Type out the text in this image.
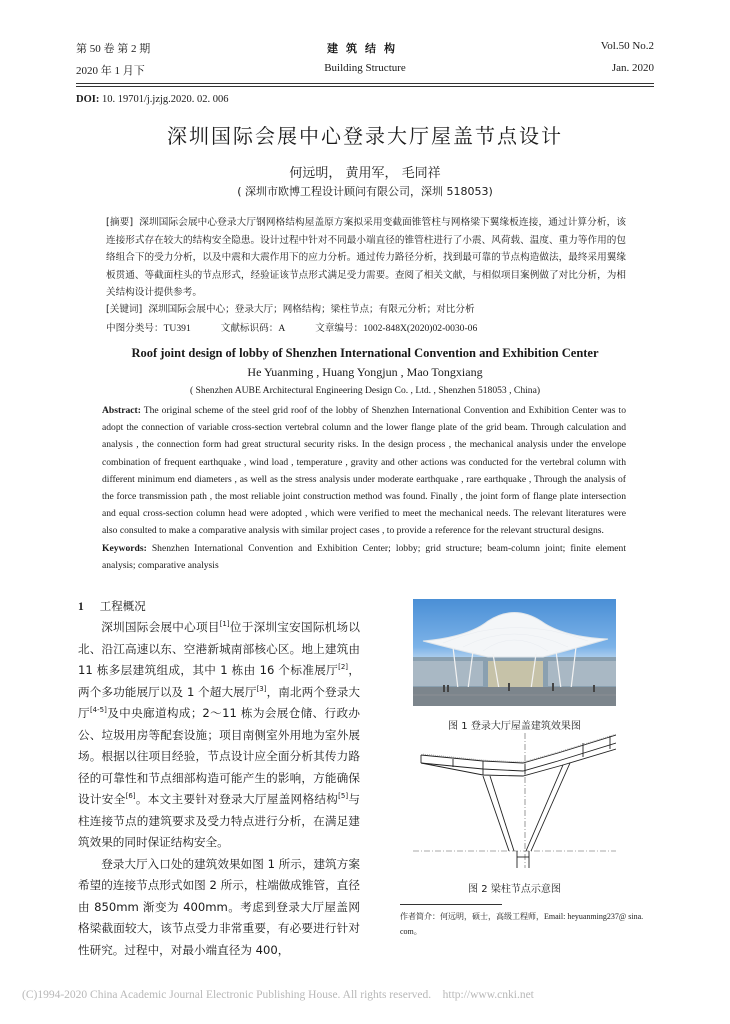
第 50 卷 第 2 期	建筑结构	Vol.50 No.2
2020 年 1 月下	Building Structure	Jan. 2020
DOI: 10. 19701/j.jzjg.2020. 02. 006
深圳国际会展中心登录大厅屋盖节点设计
何远明， 黄用军， 毛同祥
( 深圳市欧博工程设计顾问有限公司，深圳 518053)
[摘要] 深圳国际会展中心登录大厅钢网格结构屋盖原方案拟采用变截面锥管柱与网格梁下翼缘板连接，通过计算分析，该连接形式存在较大的结构安全隐患。设计过程中针对不同最小端直径的锥管柱进行了小震、风荷载、温度、重力等作用的包络组合下的受力分析，以及中震和大震作用下的应力分析。通过传力路径分析，找到最可靠的节点构造做法，最终采用翼缘板贯通、等截面柱头的节点形式，经验证该节点形式满足受力需要。查阅了相关文献，与相似项目案例做了对比分析，为相关结构设计提供参考。
[关键词] 深圳国际会展中心；登录大厅；网格结构；梁柱节点；有限元分析；对比分析
中图分类号：TU391	文献标识码：A	文章编号：1002-848X(2020)02-0030-06
Roof joint design of lobby of Shenzhen International Convention and Exhibition Center
He Yuanming , Huang Yongjun , Mao Tongxiang
( Shenzhen AUBE Architectural Engineering Design Co. , Ltd. , Shenzhen 518053 , China)
Abstract: The original scheme of the steel grid roof of the lobby of Shenzhen International Convention and Exhibition Center was to adopt the connection of variable cross-section vertebral column and the lower flange plate of the grid beam. Through calculation and analysis , the connection form had great structural security risks. In the design process , the mechanical analysis under the envelope combination of frequent earthquake , wind load , temperature , gravity and other actions was conducted for the vertebral column with different minimum end diameters , as well as the stress analysis under moderate earthquake , rare earthquake , Through the analysis of the force transmission path , the most reliable joint construction method was found. Finally , the joint form of flange plate intersection and equal cross-section column head were adopted , which were verified to meet the mechanical needs. The relevant literatures were also consulted to make a comparative analysis with similar project cases , to provide a reference for the relevant structural designs.
Keywords: Shenzhen International Convention and Exhibition Center; lobby; grid structure; beam-column joint; finite element analysis; comparative analysis
1 工程概况

深圳国际会展中心项目[1]位于深圳宝安国际机场以北、沿江高速以东、空港新城南部核心区。地上建筑由 11 栋多层建筑组成，其中 1 栋由 16 个标准展厅[2]，两个多功能展厅以及 1 个超大展厅[3]，南北两个登录大厅[4-5]及中央廊道构成；2～11 栋为会展仓储、行政办公、垃圾用房等配套设施；项目南侧室外用地为室外展场。根据以往项目经验，节点设计应全面分析其传力路径的可靠性和节点细部构造可能产生的影响，方能确保设计安全[6]。本文主要针对登录大厅屋盖网格结构[5]与柱连接节点的建筑要求及受力特点进行分析，在满足建筑效果的同时保证结构安全。

登录大厅入口处的建筑效果如图 1 所示，建筑方案希望的连接节点形式如图 2 所示，柱端做成锥管，直径由 850mm 渐变为 400mm。考虑到登录大厅屋盖网格梁截面较大，该节点受力非常重要，有必要进行针对性研究。过程中，对最小端直径为 400，

图 1 登录大厅屋盖建筑效果图
图 2 梁柱节点示意图
作者简介：何远明，硕士，高级工程师，Email: heyuanming237@ sina. com。
(C)1994-2020 China Academic Journal Electronic Publishing House. All rights reserved.    http://www.cnki.net
